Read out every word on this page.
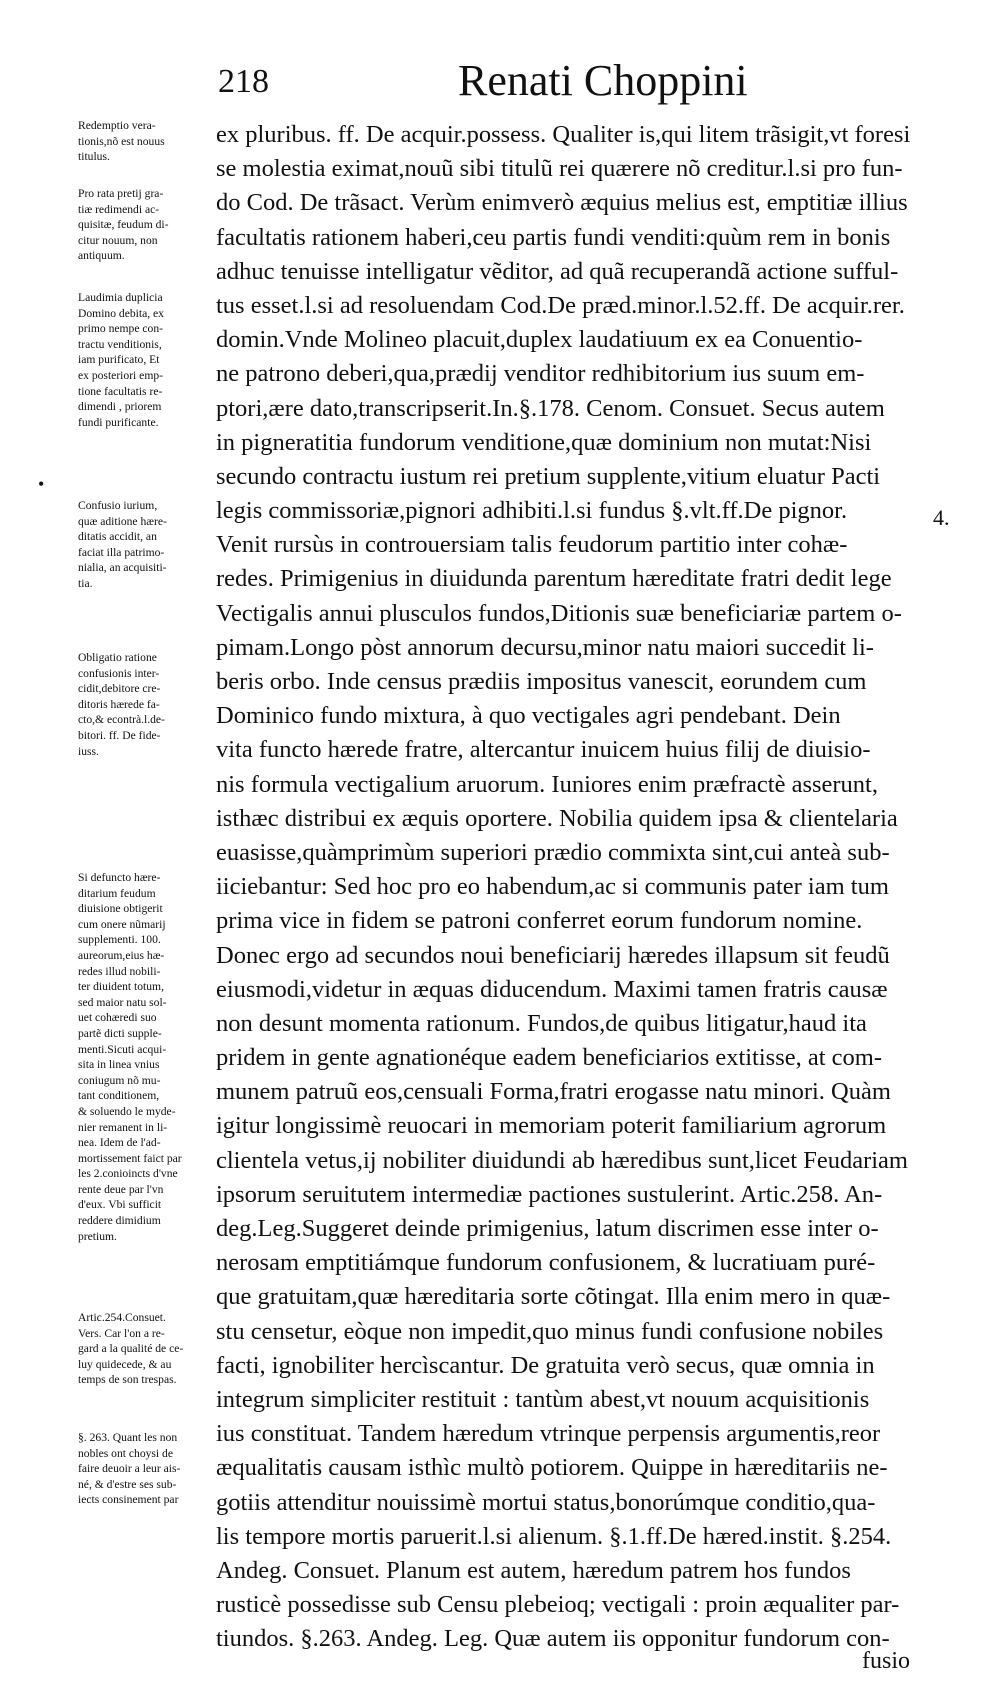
218	Renati Choppini
•
Redemptio vera-
tionis,nõ est nouus
titulus.
Pro rata pretij gra-
tiæ redimendi ac-
quisitæ, feudum di-
citur nouum, non
antiquum.
Laudimia duplicia
Domino debita, ex
primo nempe con-
tractu venditionis,
iam purificato, Et
ex posteriori emp-
tione facultatis re-
dimendi , priorem
fundi purificante.
Confusio iurium,
quæ aditione hære-
ditatis accidit, an
faciat illa patrimo-
nialia, an acquisiti-
tia.
Obligatio ratione
confusionis inter-
cidit,debitore cre-
ditoris hærede fa-
cto,& econtrà.l.de-
bitori. ff. De fide-
iuss.
Si defuncto hære-
ditarium feudum
diuisione obtigerit
cum onere nũmarij
supplementi. 100.
aureorum,eius hæ-
redes illud nobili-
ter diuident totum,
sed maior natu sol-
uet cohæredi suo
partẽ dicti supple-
menti.Sicuti acqui-
sita in linea vnius
coniugum nõ mu-
tant conditionem,
& soluendo le myde-
nier remanent in li-
nea. Idem de l'ad-
mortissement faict par
les 2.conioincts d'vne
rente deue par l'vn
d'eux. Vbi sufficit
reddere dimidium
pretium.
Artic.254.Consuet.
Vers. Car l'on a re-
gard a la qualité de ce-
luy quidecede, & au
temps de son trespas.
§. 263. Quant les non
nobles ont choysi de
faire deuoir a leur ais-
né, & d'estre ses sub-
iects consinement par
ex pluribus. ff. De acquir.possess. Qualiter is,qui litem trãsigit,vt foresi
se molestia eximat,nouũ sibi titulũ rei quærere nõ creditur.l.si pro fun-
do Cod. De trãsact. Verùm enimverò æquius melius est, emptitiæ illius
facultatis rationem haberi,ceu partis fundi venditi:quùm rem in bonis
adhuc tenuisse intelligatur vẽditor, ad quã recuperandã actione sufful-
tus esset.l.si ad resoluendam Cod.De præd.minor.l.52.ff. De acquir.rer.
domin.Vnde Molineo placuit,duplex laudatiuum ex ea Conuentio-
ne patrono deberi,qua,prædij venditor redhibitorium ius suum em-
ptori,ære dato,transcripserit.In.§.178. Cenom. Consuet. Secus autem
in pigneratitia fundorum venditione,quæ dominium non mutat:Nisi
secundo contractu iustum rei pretium supplente,vitium eluatur Pacti
legis commissoriæ,pignori adhibiti.l.si fundus §.vlt.ff.De pignor.
Venit rursùs in controuersiam talis feudorum partitio inter cohæ-
redes. Primigenius in diuidunda parentum hæreditate fratri dedit lege
Vectigalis annui plusculos fundos,Ditionis suæ beneficiariæ partem o-
pimam.Longo pòst annorum decursu,minor natu maiori succedit li-
beris orbo. Inde census prædiis impositus vanescit, eorundem cum
Dominico fundo mixtura, à quo vectigales agri pendebant. Dein
vita functo hærede fratre, altercantur inuicem huius filij de diuisio-
nis formula vectigalium aruorum. Iuniores enim præfractè asserunt,
isthæc distribui ex æquis oportere. Nobilia quidem ipsa & clientelaria
euasisse,quàmprimùm superiori prædio commixta sint,cui anteà sub-
iiciebantur: Sed hoc pro eo habendum,ac si communis pater iam tum
prima vice in fidem se patroni conferret eorum fundorum nomine.
Donec ergo ad secundos noui beneficiarij hæredes illapsum sit feudũ
eiusmodi,videtur in æquas diducendum. Maximi tamen fratris causæ
non desunt momenta rationum. Fundos,de quibus litigatur,haud ita
pridem in gente agnationéque eadem beneficiarios extitisse, at com-
munem patruũ eos,censuali Forma,fratri erogasse natu minori. Quàm
igitur longissimè reuocari in memoriam poterit familiarium agrorum
clientela vetus,ij nobiliter diuidundi ab hæredibus sunt,licet Feudariam
ipsorum seruitutem intermediæ pactiones sustulerint. Artic.258. An-
deg.Leg.Suggeret deinde primigenius, latum discrimen esse inter o-
nerosam emptitiámque fundorum confusionem, & lucratiuam puré-
que gratuitam,quæ hæreditaria sorte cõtingat. Illa enim mero in quæ-
stu censetur, eòque non impedit,quo minus fundi confusione nobiles
facti, ignobiliter hercìscantur. De gratuita verò secus, quæ omnia in
integrum simpliciter restituit : tantùm abest,vt nouum acquisitionis
ius constituat. Tandem hæredum vtrinque perpensis argumentis,reor
æqualitatis causam isthìc multò potiorem. Quippe in hæreditariis ne-
gotiis attenditur nouissimè mortui status,bonorúmque conditio,qua-
lis tempore mortis paruerit.l.si alienum. §.1.ff.De hæred.instit. §.254.
Andeg. Consuet. Planum est autem, hæredum patrem hos fundos
rusticè possedisse sub Censu plebeioq; vectigali : proin æqualiter par-
tiundos. §.263. Andeg. Leg. Quæ autem iis opponitur fundorum con-
4.
fusio
